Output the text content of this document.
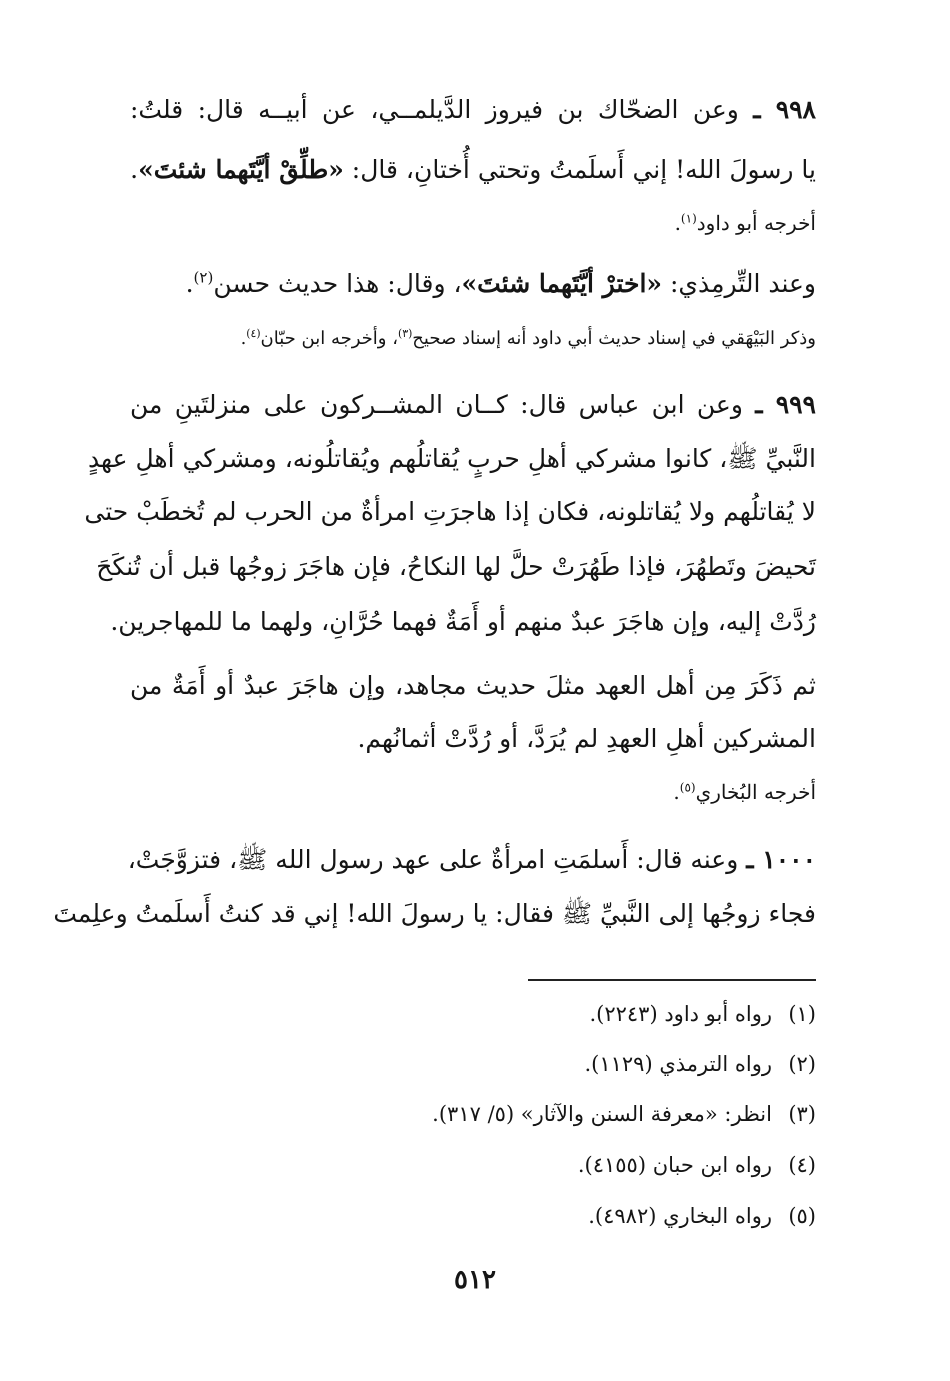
٩٩٨ ـ وعن الضحّاك بن فيروز الدَّيلمــي، عن أبيــه قال: قلتُ:
يا رسولَ الله! إني أَسلَمتُ وتحتي أُختانِ، قال: «طلِّقْ أيَّتَهما شئتَ».
أخرجه أبو داود$^{(١)}$.
وعند التِّرمِذي: «اخترْ أيَّتَهما شئتَ»، وقال: هذا حديث حسن$^{(٢)}$.
وذكر البَيْهَقي في إسناد حديث أبي داود أنه إسناد صحيح$^{(٣)}$، وأخرجه ابن حبّان$^{(٤)}$.
٩٩٩ ـ وعن ابن عباس قال: كــان المشــركون على منزلتَينِ من
النَّبيِّ ﷺ، كانوا مشركي أهلِ حربٍ يُقاتلُهم ويُقاتلُونه، ومشركي أهلِ عهدٍ
لا يُقاتلُهم ولا يُقاتلونه، فكان إذا هاجرَتِ امرأةٌ من الحرب لم تُخطَبْ حتى
تَحيضَ وتَطهُرَ، فإذا طَهُرَتْ حلَّ لها النكاحُ، فإن هاجَرَ زوجُها قبل أن تُنكَحَ
رُدَّتْ إليه، وإن هاجَرَ عبدٌ منهم أو أَمَةٌ فهما حُرَّانِ، ولهما ما للمهاجرين.
ثم ذَكَرَ مِن أهل العهد مثلَ حديث مجاهد، وإن هاجَرَ عبدٌ أو أَمَةٌ من
المشركين أهلِ العهدِ لم يُرَدَّ، أو رُدَّتْ أثمانُهم.
أخرجه البُخاري$^{(٥)}$.
١٠٠٠ ـ وعنه قال: أَسلمَتِ امرأةٌ على عهد رسول الله ﷺ، فتزوَّجَتْ،
فجاء زوجُها إلى النَّبيِّ ﷺ فقال: يا رسولَ الله! إني قد كنتُ أَسلَمتُ وعلِمتَ
(١)رواه أبو داود (٢٢٤٣).
(٢)رواه الترمذي (١١٢٩).
(٣)انظر: «معرفة السنن والآثار» (٥/ ٣١٧).
(٤)رواه ابن حبان (٤١٥٥).
(٥)رواه البخاري (٤٩٨٢).
٥١٢
